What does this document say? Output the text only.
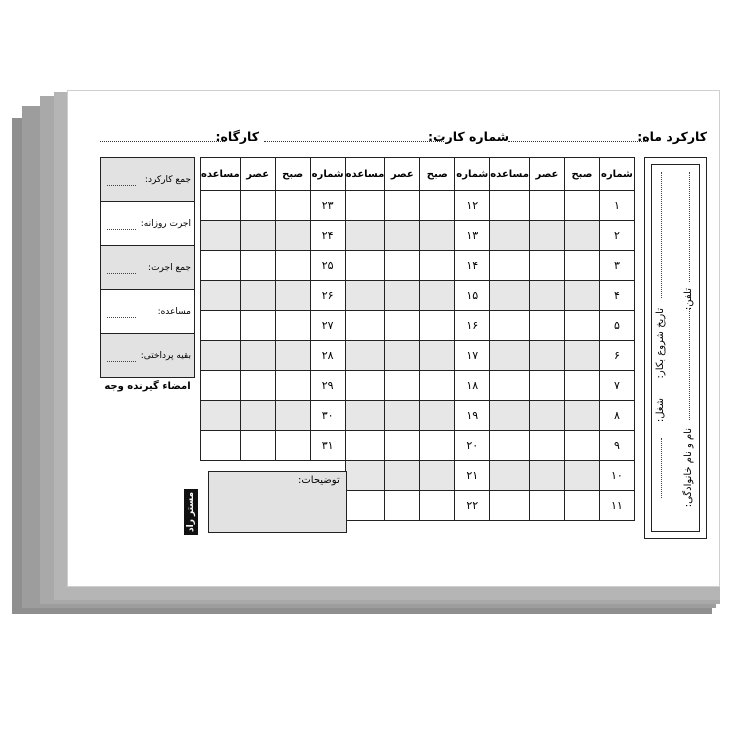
کارکرد ماه:
شماره کارت:
کارگاه:
شماره	صبح	عصر	مساعده	شماره	صبح	عصر	مساعده	شماره	صبح	عصر	مساعده
۱				۱۲				۲۳			
۲				۱۳				۲۴			
۳				۱۴				۲۵			
۴				۱۵				۲۶			
۵				۱۶				۲۷			
۶				۱۷				۲۸			
۷				۱۸				۲۹			
۸				۱۹				۳۰			
۹				۲۰				۳۱			
۱۰				۲۱							
۱۱				۲۲							
جمع کارکرد:
اجرت روزانه:
جمع اجرت:
مساعده:
بقیه پرداختی:
امضاء گیرنده وجه
توضیحات:
مستر راد
شغل:
تاریخ شروع بکار:
نام و نام خانوادگی:
تلفن:
